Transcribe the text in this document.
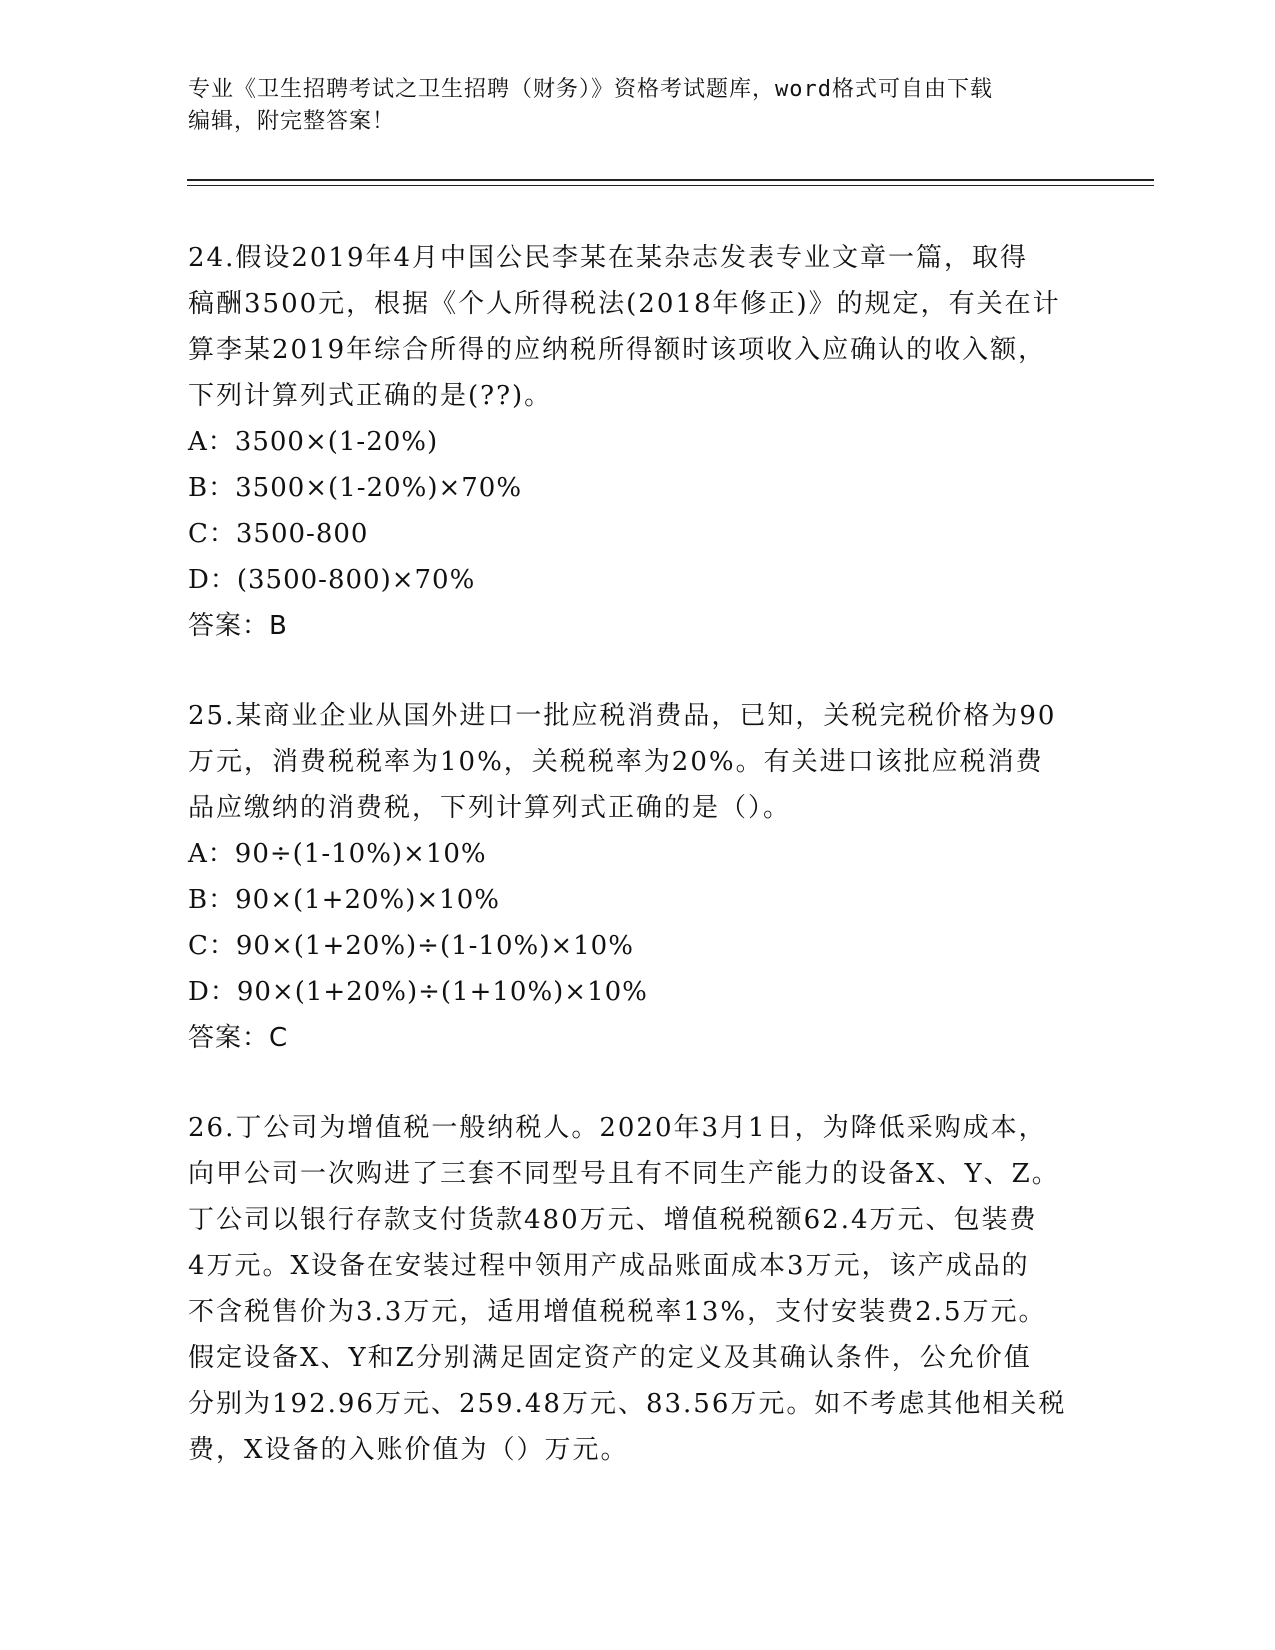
专业《卫生招聘考试之卫生招聘（财务）》资格考试题库，word格式可自由下载
编辑，附完整答案！
24.假设2019年4月中国公民李某在某杂志发表专业文章一篇，取得
稿酬3500元，根据《个人所得税法(2018年修正)》的规定，有关在计
算李某2019年综合所得的应纳税所得额时该项收入应确认的收入额，
下列计算列式正确的是(??)。
A：3500×(1-20%)
B：3500×(1-20%)×70%
C：3500-800
D：(3500-800)×70%
答案：B
25.某商业企业从国外进口一批应税消费品，已知，关税完税价格为90
万元，消费税税率为10%，关税税率为20%。有关进口该批应税消费
品应缴纳的消费税，下列计算列式正确的是（）。
A：90÷(1-10%)×10%
B：90×(1+20%)×10%
C：90×(1+20%)÷(1-10%)×10%
D：90×(1+20%)÷(1+10%)×10%
答案：C
26.丁公司为增值税一般纳税人。2020年3月1日，为降低采购成本，
向甲公司一次购进了三套不同型号且有不同生产能力的设备X、Y、Z。
丁公司以银行存款支付货款480万元、增值税税额62.4万元、包装费
4万元。X设备在安装过程中领用产成品账面成本3万元，该产成品的
不含税售价为3.3万元，适用增值税税率13%，支付安装费2.5万元。
假定设备X、Y和Z分别满足固定资产的定义及其确认条件，公允价值
分别为192.96万元、259.48万元、83.56万元。如不考虑其他相关税
费，X设备的入账价值为（）万元。
